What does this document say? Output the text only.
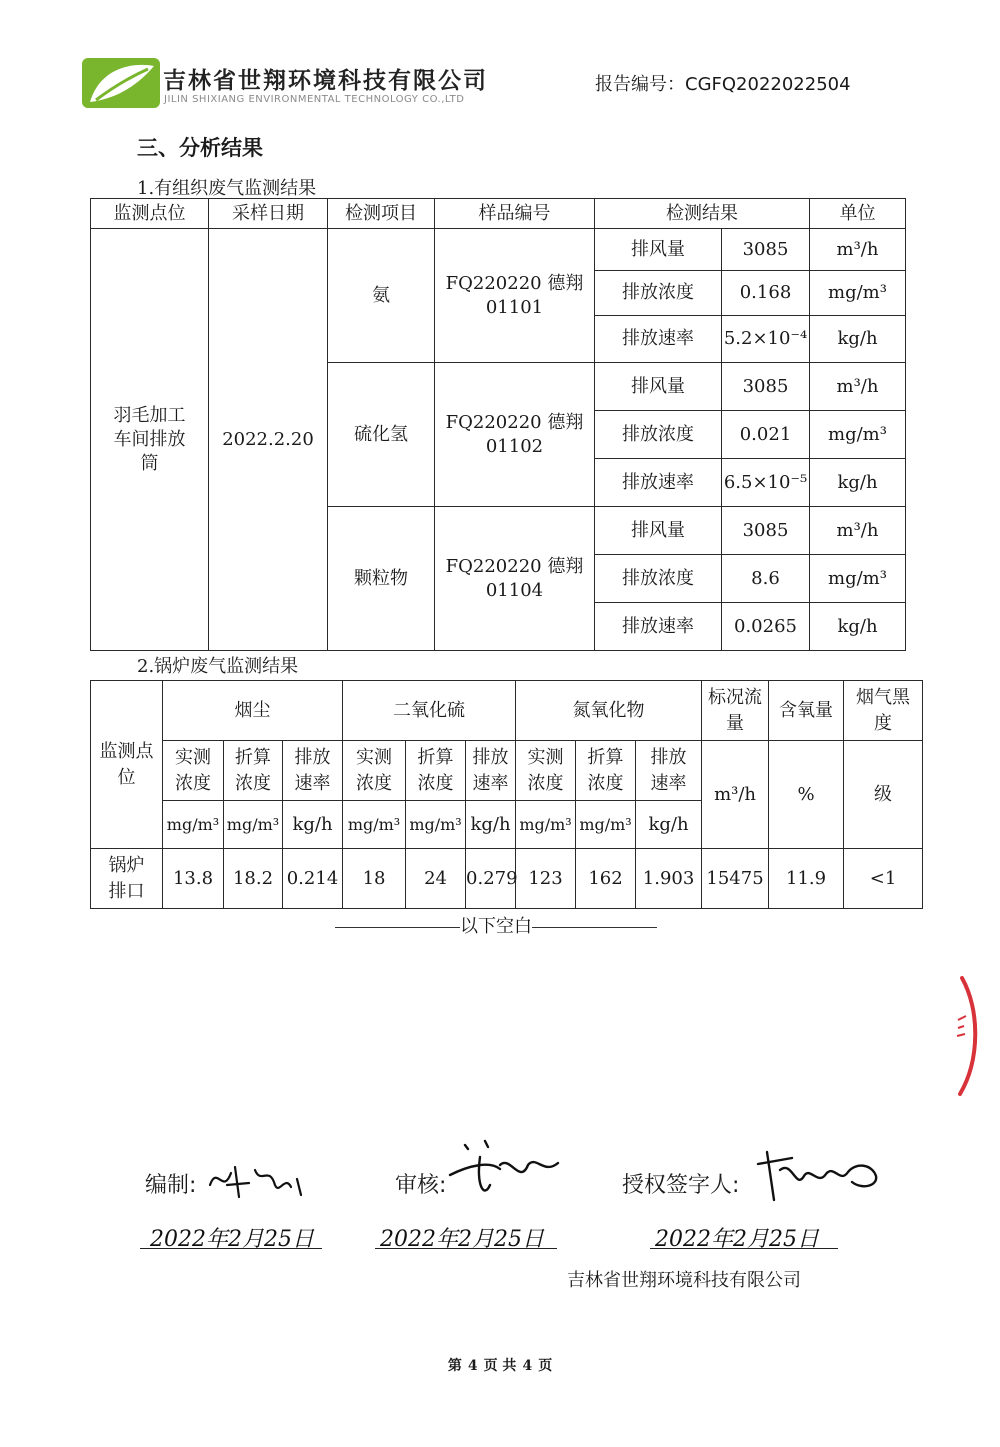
吉林省世翔环境科技有限公司
JILIN SHIXIANG ENVIRONMENTAL TECHNOLOGY CO.,LTD
报告编号：CGFQ2022022504
三、分析结果
1.有组织废气监测结果
监测点位	采样日期	检测项目	样品编号	检测结果		单位
羽毛加工车间排放筒	2022.2.20	氨	FQ220220 德翔 01101	排风量	3085	m³/h
				排放浓度	0.168	mg/m³
				排放速率	5.2×10⁻⁴	kg/h
		硫化氢	FQ220220 德翔 01102	排风量	3085	m³/h
				排放浓度	0.021	mg/m³
				排放速率	6.5×10⁻⁵	kg/h
		颗粒物	FQ220220 德翔 01104	排风量	3085	m³/h
				排放浓度	8.6	mg/m³
				排放速率	0.0265	kg/h
2.锅炉废气监测结果
监测点位	烟尘			二氧化硫			氮氧化物			标况流量	含氧量	烟气黑度
	实测浓度	折算浓度	排放速率	实测浓度	折算浓度	排放速率	实测浓度	折算浓度	排放速率	m³/h	%	级
	mg/m³	mg/m³	kg/h	mg/m³	mg/m³	kg/h	mg/m³	mg/m³	kg/h			
锅炉排口	13.8	18.2	0.214	18	24	0.279	123	162	1.903	15475	11.9	<1
以下空白
编制:
2022年2月25日
审核:
2022年2月25日
授权签字人:
2022年2月25日
吉林省世翔环境科技有限公司
第 4 页 共 4 页
